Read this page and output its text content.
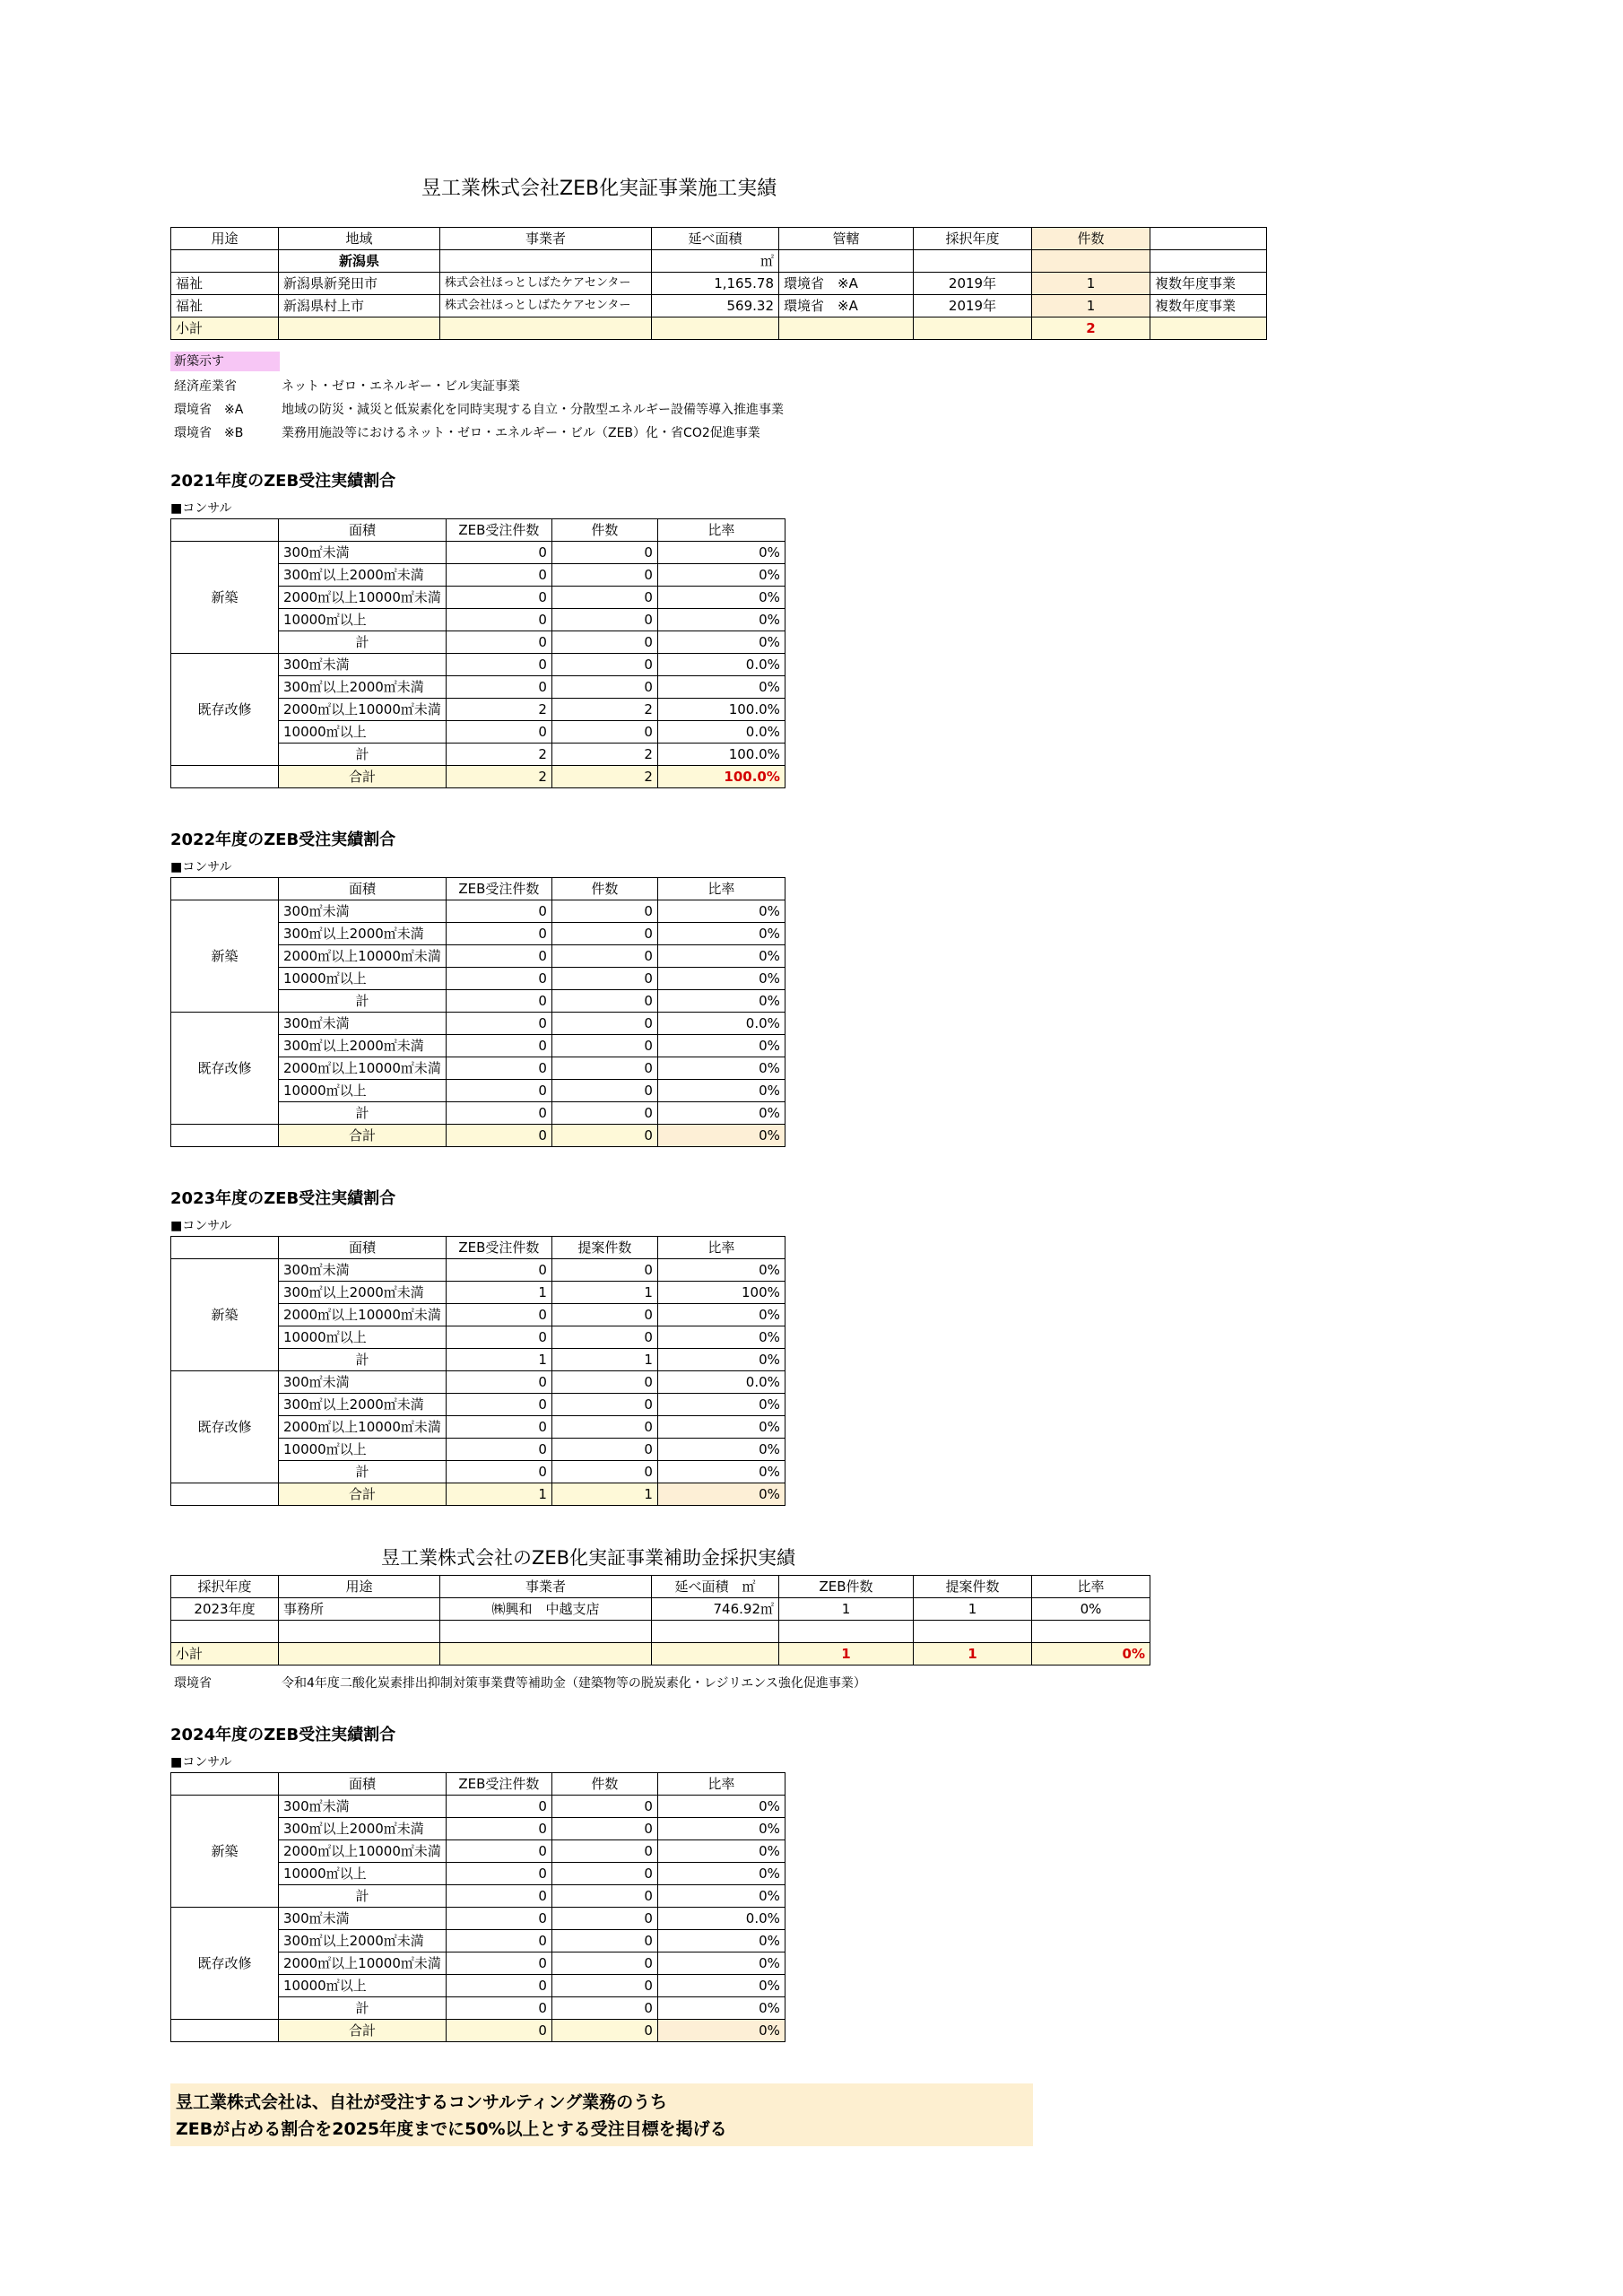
昱工業株式会社ZEB化実証事業施工実績
用途	地域	事業者	延べ面積	管轄	採択年度	件数	
	新潟県		㎡				
福祉	新潟県新発田市	株式会社ほっとしばたケアセンター	1,165.78	環境省　※A	2019年	1	複数年度事業
福祉	新潟県村上市	株式会社ほっとしばたケアセンター	569.32	環境省　※A	2019年	1	複数年度事業
小計						2	
新築示す
経済産業省	ネット・ゼロ・エネルギー・ビル実証事業
環境省　※A	地域の防災・減災と低炭素化を同時実現する自立・分散型エネルギー設備等導入推進事業
環境省　※B	業務用施設等におけるネット・ゼロ・エネルギー・ビル（ZEB）化・省CO2促進事業
2021年度のZEB受注実績割合
■コンサル
	面積	ZEB受注件数	件数	比率
新築	300㎡未満	0	0	0%
	300㎡以上2000㎡未満	0	0	0%
	2000㎡以上10000㎡未満	0	0	0%
	10000㎡以上	0	0	0%
	計	0	0	0%
既存改修	300㎡未満	0	0	0.0%
	300㎡以上2000㎡未満	0	0	0%
	2000㎡以上10000㎡未満	2	2	100.0%
	10000㎡以上	0	0	0.0%
	計	2	2	100.0%
	合計	2	2	100.0%
2022年度のZEB受注実績割合
■コンサル
	面積	ZEB受注件数	件数	比率
新築	300㎡未満	0	0	0%
	300㎡以上2000㎡未満	0	0	0%
	2000㎡以上10000㎡未満	0	0	0%
	10000㎡以上	0	0	0%
	計	0	0	0%
既存改修	300㎡未満	0	0	0.0%
	300㎡以上2000㎡未満	0	0	0%
	2000㎡以上10000㎡未満	0	0	0%
	10000㎡以上	0	0	0%
	計	0	0	0%
	合計	0	0	0%
2023年度のZEB受注実績割合
■コンサル
	面積	ZEB受注件数	提案件数	比率
新築	300㎡未満	0	0	0%
	300㎡以上2000㎡未満	1	1	100%
	2000㎡以上10000㎡未満	0	0	0%
	10000㎡以上	0	0	0%
	計	1	1	0%
既存改修	300㎡未満	0	0	0.0%
	300㎡以上2000㎡未満	0	0	0%
	2000㎡以上10000㎡未満	0	0	0%
	10000㎡以上	0	0	0%
	計	0	0	0%
	合計	1	1	0%
昱工業株式会社のZEB化実証事業補助金採択実績
採択年度	用途	事業者	延べ面積　㎡	ZEB件数	提案件数	比率
2023年度	事務所	㈱興和　中越支店	746.92㎡	1	1	0%

小計				1	1	0%
環境省	令和4年度二酸化炭素排出抑制対策事業費等補助金（建築物等の脱炭素化・レジリエンス強化促進事業）
2024年度のZEB受注実績割合
■コンサル
	面積	ZEB受注件数	件数	比率
新築	300㎡未満	0	0	0%
	300㎡以上2000㎡未満	0	0	0%
	2000㎡以上10000㎡未満	0	0	0%
	10000㎡以上	0	0	0%
	計	0	0	0%
既存改修	300㎡未満	0	0	0.0%
	300㎡以上2000㎡未満	0	0	0%
	2000㎡以上10000㎡未満	0	0	0%
	10000㎡以上	0	0	0%
	計	0	0	0%
	合計	0	0	0%
昱工業株式会社は、自社が受注するコンサルティング業務のうち
ZEBが占める割合を2025年度までに50%以上とする受注目標を掲げる
